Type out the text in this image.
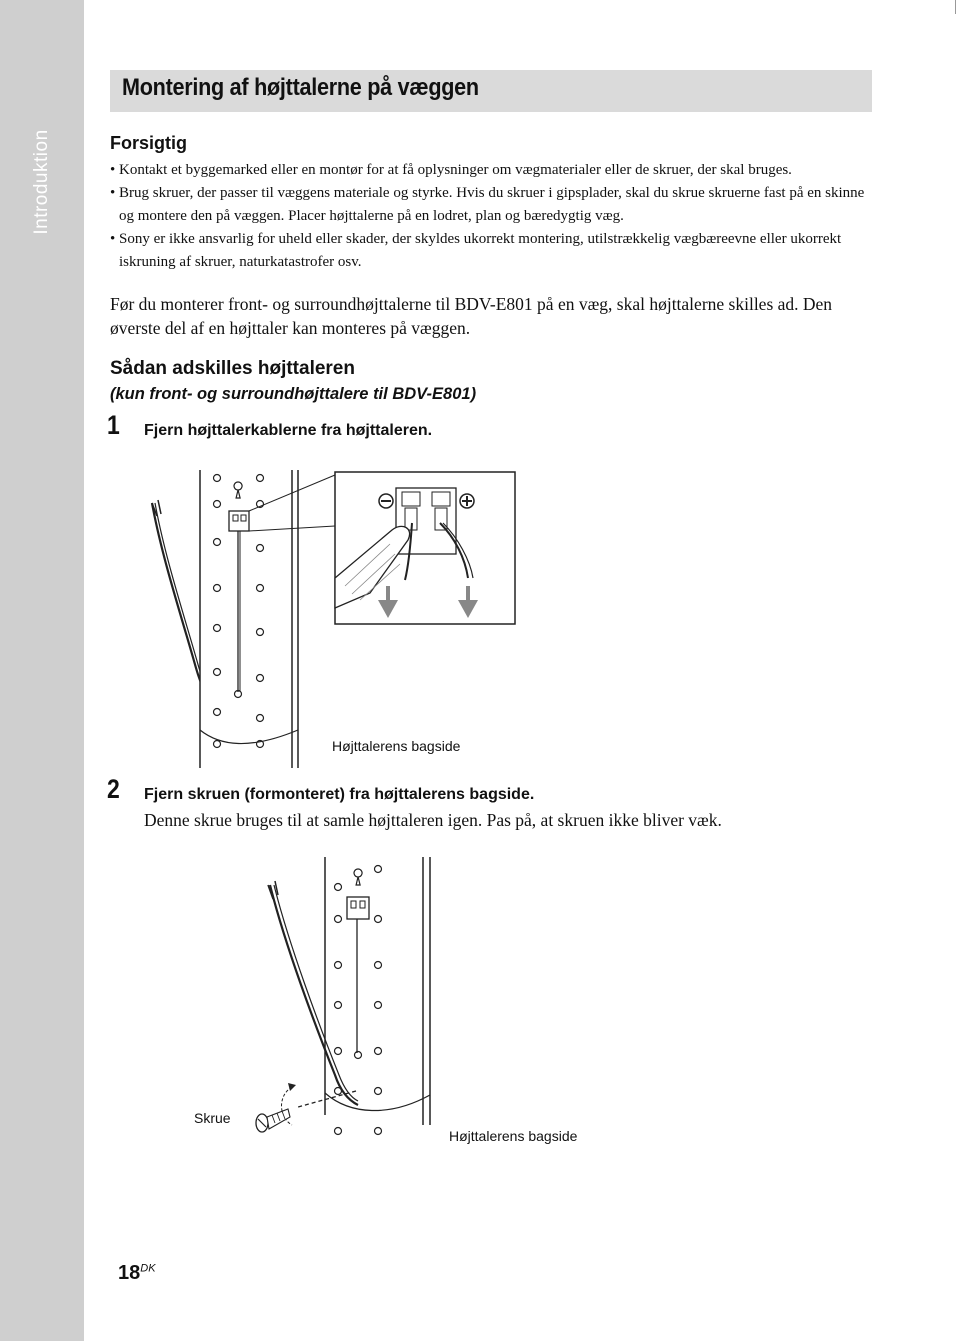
Introduktion
Montering af højttalerne på væggen
Forsigtig
• Kontakt et byggemarked eller en montør for at få oplysninger om vægmaterialer eller de skruer, der skal bruges.
• Brug skruer, der passer til væggens materiale og styrke. Hvis du skruer i gipsplader, skal du skrue skruerne fast på en skinne og montere den på væggen. Placer højttalerne på en lodret, plan og bæredygtig væg.
• Sony er ikke ansvarlig for uheld eller skader, der skyldes ukorrekt montering, utilstrækkelig vægbæreevne eller ukorrekt iskruning af skruer, naturkatastrofer osv.

Før du monterer front- og surroundhøjttalerne til BDV-E801 på en væg, skal højttalerne skilles ad. Den øverste del af en højttaler kan monteres på væggen.

Sådan adskilles højttaleren
(kun front- og surroundhøjttalere til BDV-E801)
1 Fjern højttalerkablerne fra højttaleren.
Højttalerens bagside
2 Fjern skruen (formonteret) fra højttalerens bagside.
Denne skrue bruges til at samle højttaleren igen. Pas på, at skruen ikke bliver væk.
Skrue
Højttalerens bagside
$18^{DK}$
